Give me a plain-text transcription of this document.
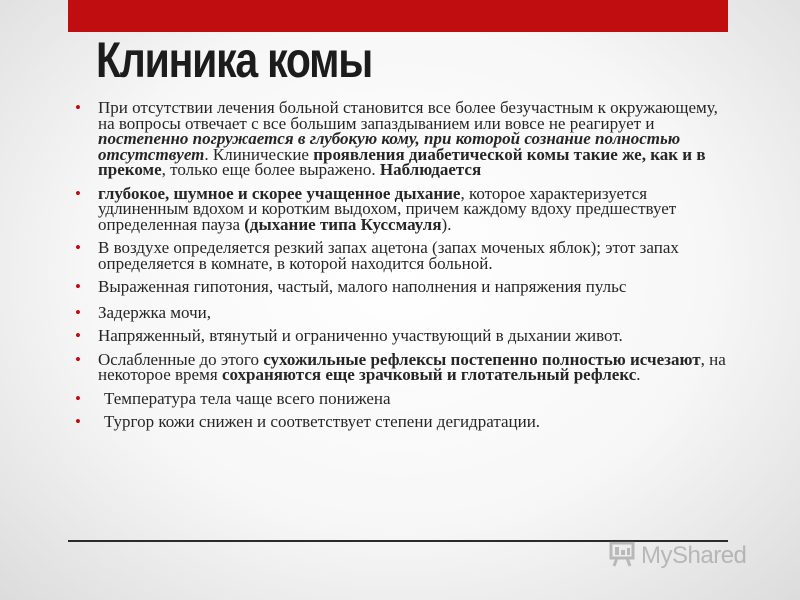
Клиника комы
• При отсутствии лечения больной становится все более безучастным к окружающему, на вопросы отвечает с все большим запаздыванием или вовсе не реагирует и постепенно погружается в глубокую кому, при которой сознание полностью отсутствует. Клинические проявления диабетической комы такие же, как и в прекоме, только еще более выражено. Наблюдается
• глубокое, шумное и скорее учащенное дыхание, которое характеризуется удлиненным вдохом и коротким выдохом, причем каждому вдоху предшествует определенная пауза (дыхание типа Куссмауля).
• В воздухе определяется резкий запах ацетона (запах моченых яблок); этот запах определяется в комнате, в которой находится больной.
• Выраженная гипотония, частый, малого наполнения и напряжения пульс
• Задержка мочи,
• Напряженный, втянутый и ограниченно участвующий в дыхании живот.
• Ослабленные до этого сухожильные рефлексы постепенно полностью исчезают, на некоторое время сохраняются еще зрачковый и глотательный рефлекс.
• Температура тела чаще всего понижена
• Тургор кожи снижен и соответствует степени дегидратации.
MyShared
